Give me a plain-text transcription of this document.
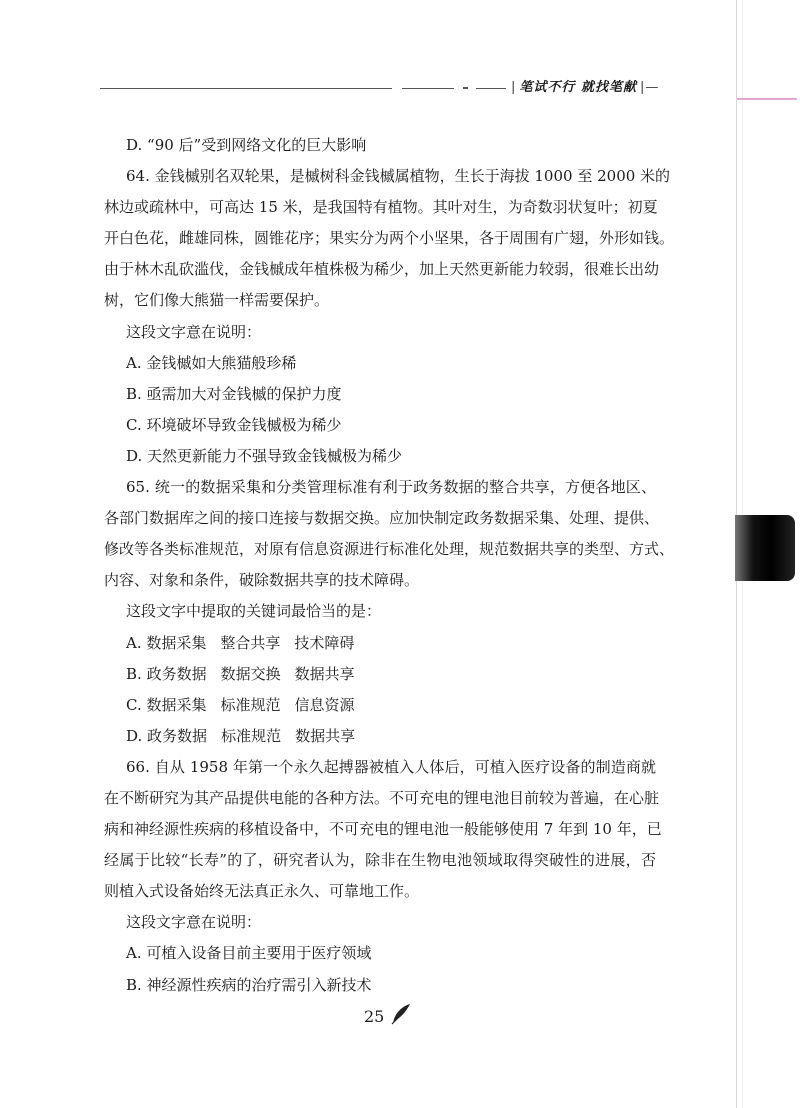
| 笔试不行 就找笔献 |—
D. “90 后”受到网络文化的巨大影响
64. 金钱槭别名双轮果，是槭树科金钱槭属植物，生长于海拔 1000 至 2000 米的
林边或疏林中，可高达 15 米，是我国特有植物。其叶对生，为奇数羽状复叶；初夏
开白色花，雌雄同株，圆锥花序；果实分为两个小坚果，各于周围有广翅，外形如钱。
由于林木乱砍滥伐，金钱槭成年植株极为稀少，加上天然更新能力较弱，很难长出幼
树，它们像大熊猫一样需要保护。
这段文字意在说明：
A. 金钱槭如大熊猫般珍稀
B. 亟需加大对金钱槭的保护力度
C. 环境破坏导致金钱槭极为稀少
D. 天然更新能力不强导致金钱槭极为稀少
65. 统一的数据采集和分类管理标准有利于政务数据的整合共享，方便各地区、
各部门数据库之间的接口连接与数据交换。应加快制定政务数据采集、处理、提供、
修改等各类标准规范，对原有信息资源进行标准化处理，规范数据共享的类型、方式、
内容、对象和条件，破除数据共享的技术障碍。
这段文字中提取的关键词最恰当的是：
A. 数据采集 整合共享 技术障碍
B. 政务数据 数据交换 数据共享
C. 数据采集 标准规范 信息资源
D. 政务数据 标准规范 数据共享
66. 自从 1958 年第一个永久起搏器被植入人体后，可植入医疗设备的制造商就
在不断研究为其产品提供电能的各种方法。不可充电的锂电池目前较为普遍，在心脏
病和神经源性疾病的移植设备中，不可充电的锂电池一般能够使用 7 年到 10 年，已
经属于比较“长寿”的了，研究者认为，除非在生物电池领域取得突破性的进展，否
则植入式设备始终无法真正永久、可靠地工作。
这段文字意在说明：
A. 可植入设备目前主要用于医疗领域
B. 神经源性疾病的治疗需引入新技术
25
